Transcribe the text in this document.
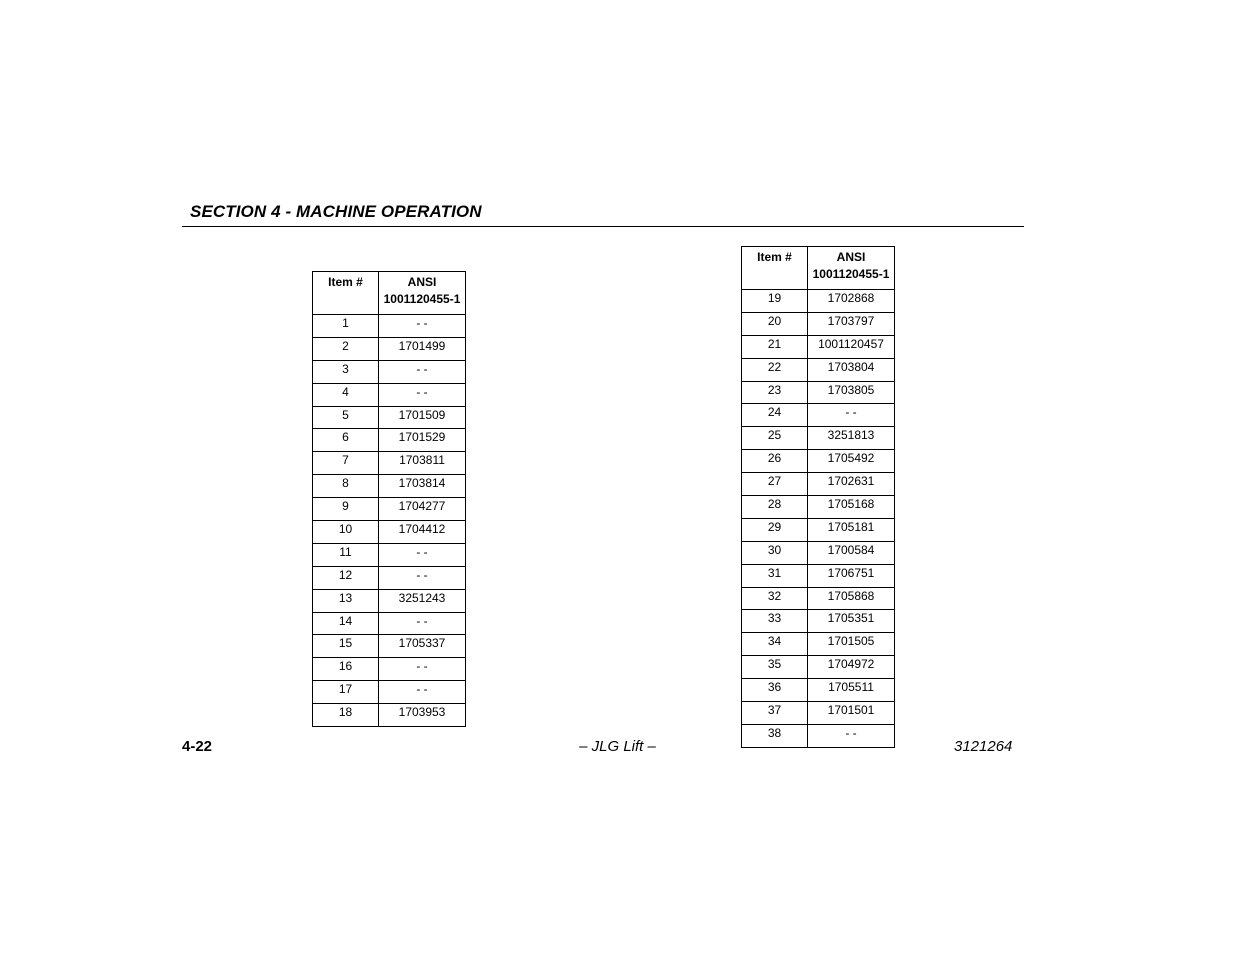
SECTION 4 - MACHINE OPERATION
Item #	ANSI
1001120455-1
1	- -
2	1701499
3	- -
4	- -
5	1701509
6	1701529
7	1703811
8	1703814
9	1704277
10	1704412
11	- -
12	- -
13	3251243
14	- -
15	1705337
16	- -
17	- -
18	1703953
Item #	ANSI
1001120455-1
19	1702868
20	1703797
21	1001120457
22	1703804
23	1703805
24	- -
25	3251813
26	1705492
27	1702631
28	1705168
29	1705181
30	1700584
31	1706751
32	1705868
33	1705351
34	1701505
35	1704972
36	1705511
37	1701501
38	- -
4-22	– JLG Lift –	3121264
